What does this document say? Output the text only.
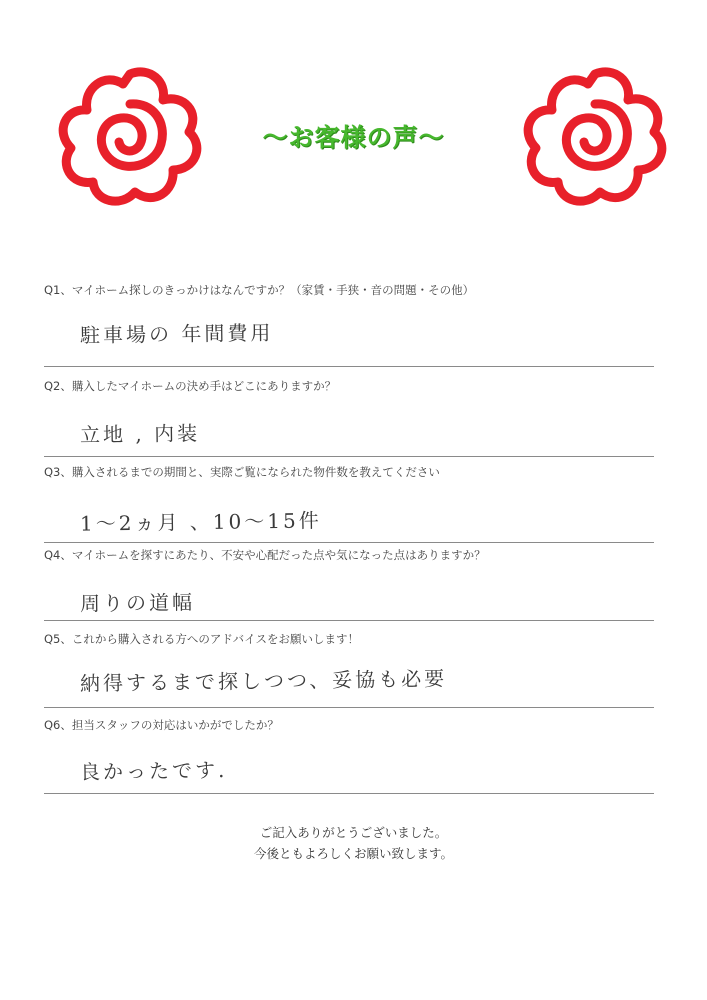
〜お客様の声〜
Q1、マイホーム探しのきっかけはなんですか？（家賃・手狭・音の問題・その他）
駐車場の 年間費用
Q2、購入したマイホームの決め手はどこにありますか？
立地 , 内装
Q3、購入されるまでの期間と、実際ご覧になられた物件数を教えてください
1〜2ヵ月 、10〜15件
Q4、マイホームを探すにあたり、不安や心配だった点や気になった点はありますか？
周りの道幅
Q5、これから購入される方へのアドバイスをお願いします！
納得するまで探しつつ、妥協も必要
Q6、担当スタッフの対応はいかがでしたか？
良かったです.
ご記入ありがとうございました。
今後ともよろしくお願い致します。
